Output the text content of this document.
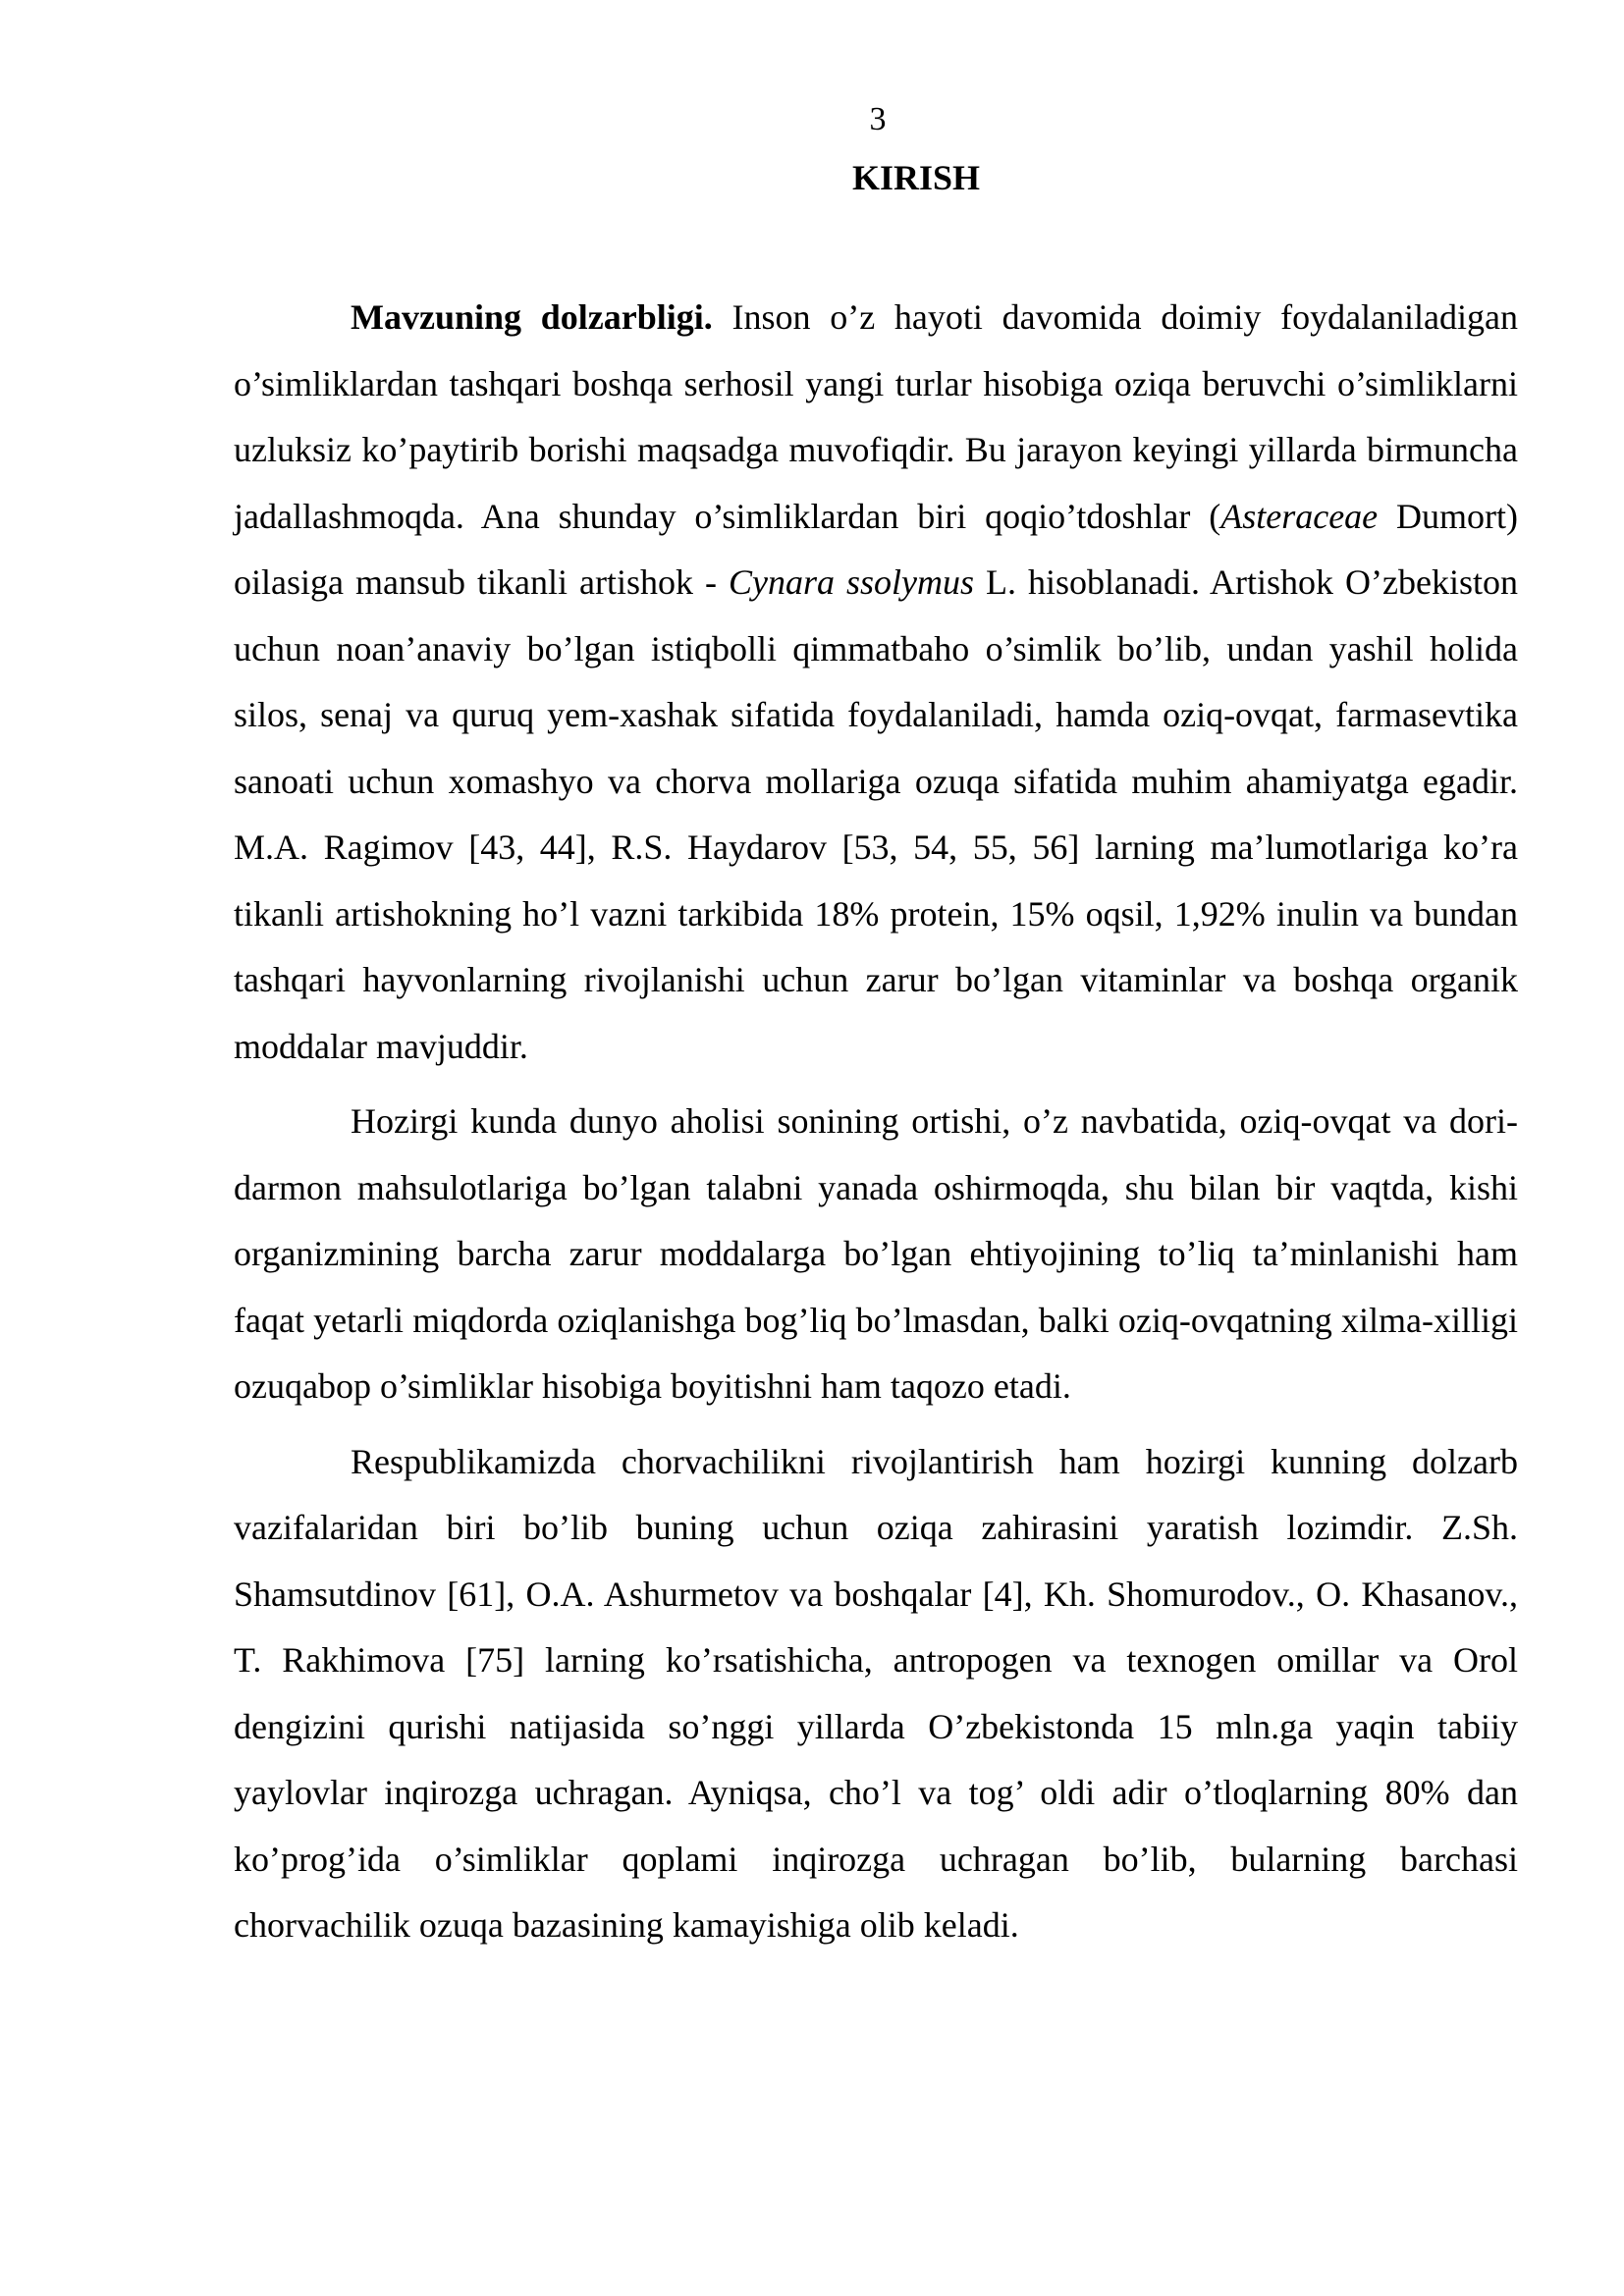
3
KIRISH

Mavzuning dolzarbligi. Inson o’z hayoti davomida doimiy foydalaniladigan o’simliklardan tashqari boshqa serhosil yangi turlar hisobiga oziqa beruvchi o’simliklarni uzluksiz ko’paytirib borishi maqsadga muvofiqdir. Bu jarayon keyingi yillarda birmuncha jadallashmoqda. Ana shunday o’simliklardan biri qoqio’tdoshlar (Asteraceae Dumort) oilasiga mansub tikanli artishok - Cynara ssolymus L. hisoblanadi. Artishok O’zbekiston uchun noan’anaviy bo’lgan istiqbolli qimmatbaho o’simlik bo’lib, undan yashil holida silos, senaj va quruq yem-xashak sifatida foydalaniladi, hamda oziq-ovqat, farmasevtika sanoati uchun xomashyo va chorva mollariga ozuqa sifatida muhim ahamiyatga egadir. M.A. Ragimov [43, 44], R.S. Haydarov [53, 54, 55, 56] larning ma’lumotlariga ko’ra tikanli artishokning ho’l vazni tarkibida 18% protein, 15% oqsil, 1,92% inulin va bundan tashqari hayvonlarning rivojlanishi uchun zarur bo’lgan vitaminlar va boshqa organik moddalar mavjuddir.

Hozirgi kunda dunyo aholisi sonining ortishi, o’z navbatida, oziq-ovqat va dori-darmon mahsulotlariga bo’lgan talabni yanada oshirmoqda, shu bilan bir vaqtda, kishi organizmining barcha zarur moddalarga bo’lgan ehtiyojining to’liq ta’minlanishi ham faqat yetarli miqdorda oziqlanishga bog’liq bo’lmasdan, balki oziq-ovqatning xilma-xilligi ozuqabop o’simliklar hisobiga boyitishni ham taqozo etadi.

Respublikamizda chorvachilikni rivojlantirish ham hozirgi kunning dolzarb vazifalaridan biri bo’lib buning uchun oziqa zahirasini yaratish lozimdir. Z.Sh. Shamsutdinov [61], O.A. Ashurmetov va boshqalar [4], Kh. Shomurodov., O. Khasanov., T. Rakhimova [75] larning ko’rsatishicha, antropogen va texnogen omillar va Orol dengizini qurishi natijasida so’nggi yillarda O’zbekistonda 15 mln.ga yaqin tabiiy yaylovlar inqirozga uchragan. Ayniqsa, cho’l va tog’ oldi adir o’tloqlarning 80% dan ko’prog’ida o’simliklar qoplami inqirozga uchragan bo’lib, bularning barchasi chorvachilik ozuqa bazasining kamayishiga olib keladi.
